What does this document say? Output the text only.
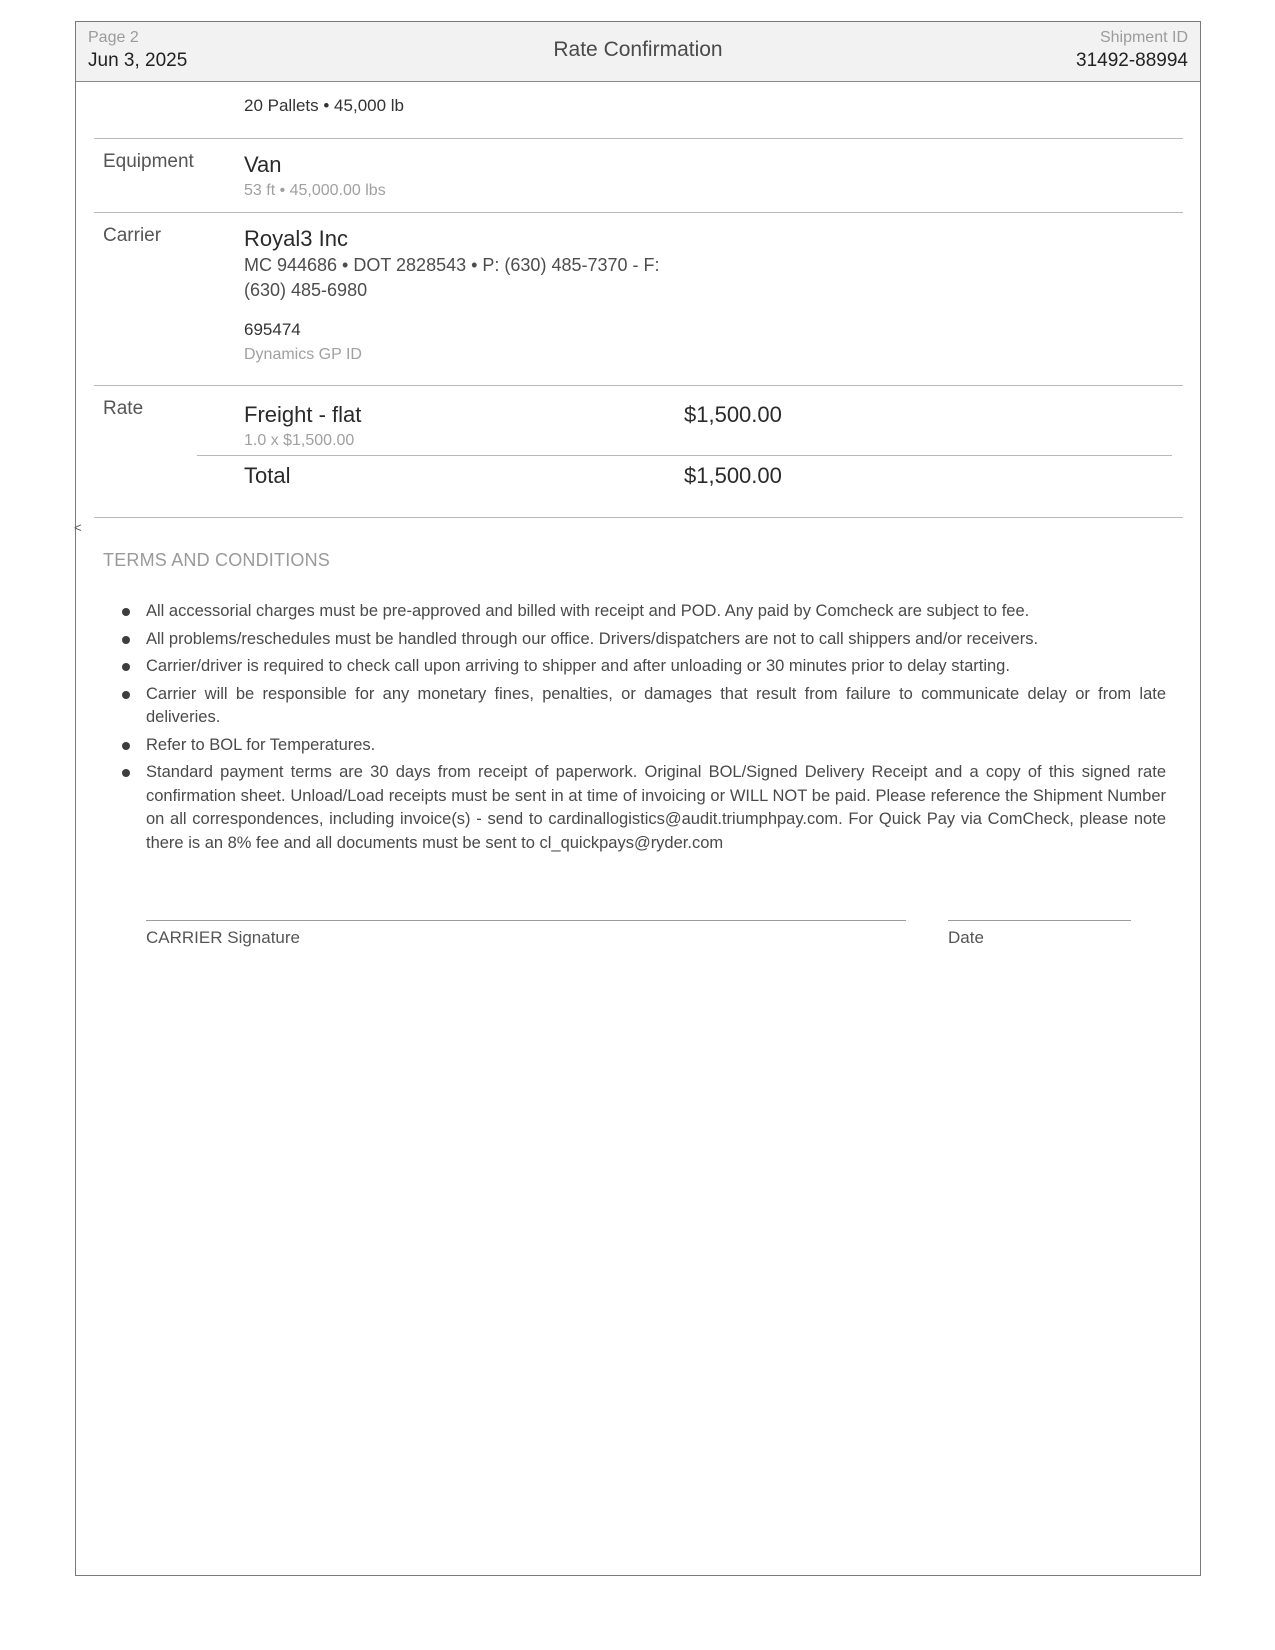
Page 2
Jun 3, 2025	Rate Confirmation
Shipment ID
31492-88994
20 Pallets • 45,000 lb
Equipment Van
53 ft • 45,000.00 lbs
Carrier	Royal3 Inc
MC 944686 • DOT 2828543 • P: (630) 485-7370 - F:
(630) 485-6980
695474
Dynamics GP ID
Rate	Freight - flat	$1,500.00
1.0 x $1,500.00
Total	$1,500.00
<
TERMS AND CONDITIONS
All accessorial charges must be pre-approved and billed with receipt and POD. Any paid by Comcheck are subject to fee.
All problems/reschedules must be handled through our office. Drivers/dispatchers are not to call shippers and/or receivers.
Carrier/driver is required to check call upon arriving to shipper and after unloading or 30 minutes prior to delay starting.
Carrier will be responsible for any monetary fines, penalties, or damages that result from failure to communicate delay or from late deliveries.
Refer to BOL for Temperatures.
Standard payment terms are 30 days from receipt of paperwork. Original BOL/Signed Delivery Receipt and a copy of this signed rate confirmation sheet. Unload/Load receipts must be sent in at time of invoicing or WILL NOT be paid. Please reference the Shipment Number on all correspondences, including invoice(s) - send to cardinallogistics@audit.triumphpay.com. For Quick Pay via ComCheck, please note there is an 8% fee and all documents must be sent to cl_quickpays@ryder.com
CARRIER Signature	Date
